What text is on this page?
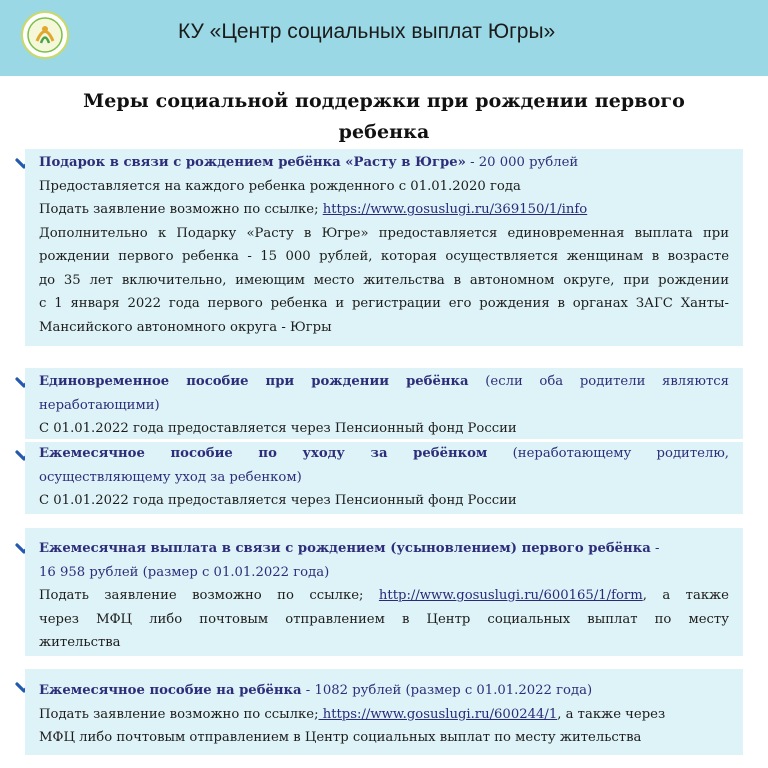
КУ «Центр социальных выплат Югры»
Меры социальной поддержки при рождении первого ребенка
Подарок в связи с рождением ребёнка «Расту в Югре» - 20 000 рублей
Предоставляется на каждого ребенка рожденного с 01.01.2020 года
Подать заявление возможно по ссылке; https://www.gosuslugi.ru/369150/1/info
Дополнительно к Подарку «Расту в Югре» предоставляется единовременная выплата при
рождении первого ребенка - 15 000 рублей, которая осуществляется женщинам в возрасте
до 35 лет включительно, имеющим место жительства в автономном округе, при рождении
с 1 января 2022 года первого ребенка и регистрации его рождения в органах ЗАГС Ханты-
Мансийского автономного округа - Югры
Единовременное пособие при рождении ребёнка (если оба родители являются
неработающими)
С 01.01.2022 года предоставляется через Пенсионный фонд России
Ежемесячное пособие по уходу за ребёнком (неработающему родителю,
осуществляющему уход за ребенком)
С 01.01.2022 года предоставляется через Пенсионный фонд России
Ежемесячная выплата в связи с рождением (усыновлением) первого ребёнка -
16 958 рублей (размер с 01.01.2022 года)
Подать заявление возможно по ссылке; http://www.gosuslugi.ru/600165/1/form, а также
через МФЦ либо почтовым отправлением в Центр социальных выплат по месту
жительства
Ежемесячное пособие на ребёнка - 1082 рублей (размер с 01.01.2022 года)
Подать заявление возможно по ссылке; https://www.gosuslugi.ru/600244/1, а также через
МФЦ либо почтовым отправлением в Центр социальных выплат по месту жительства
